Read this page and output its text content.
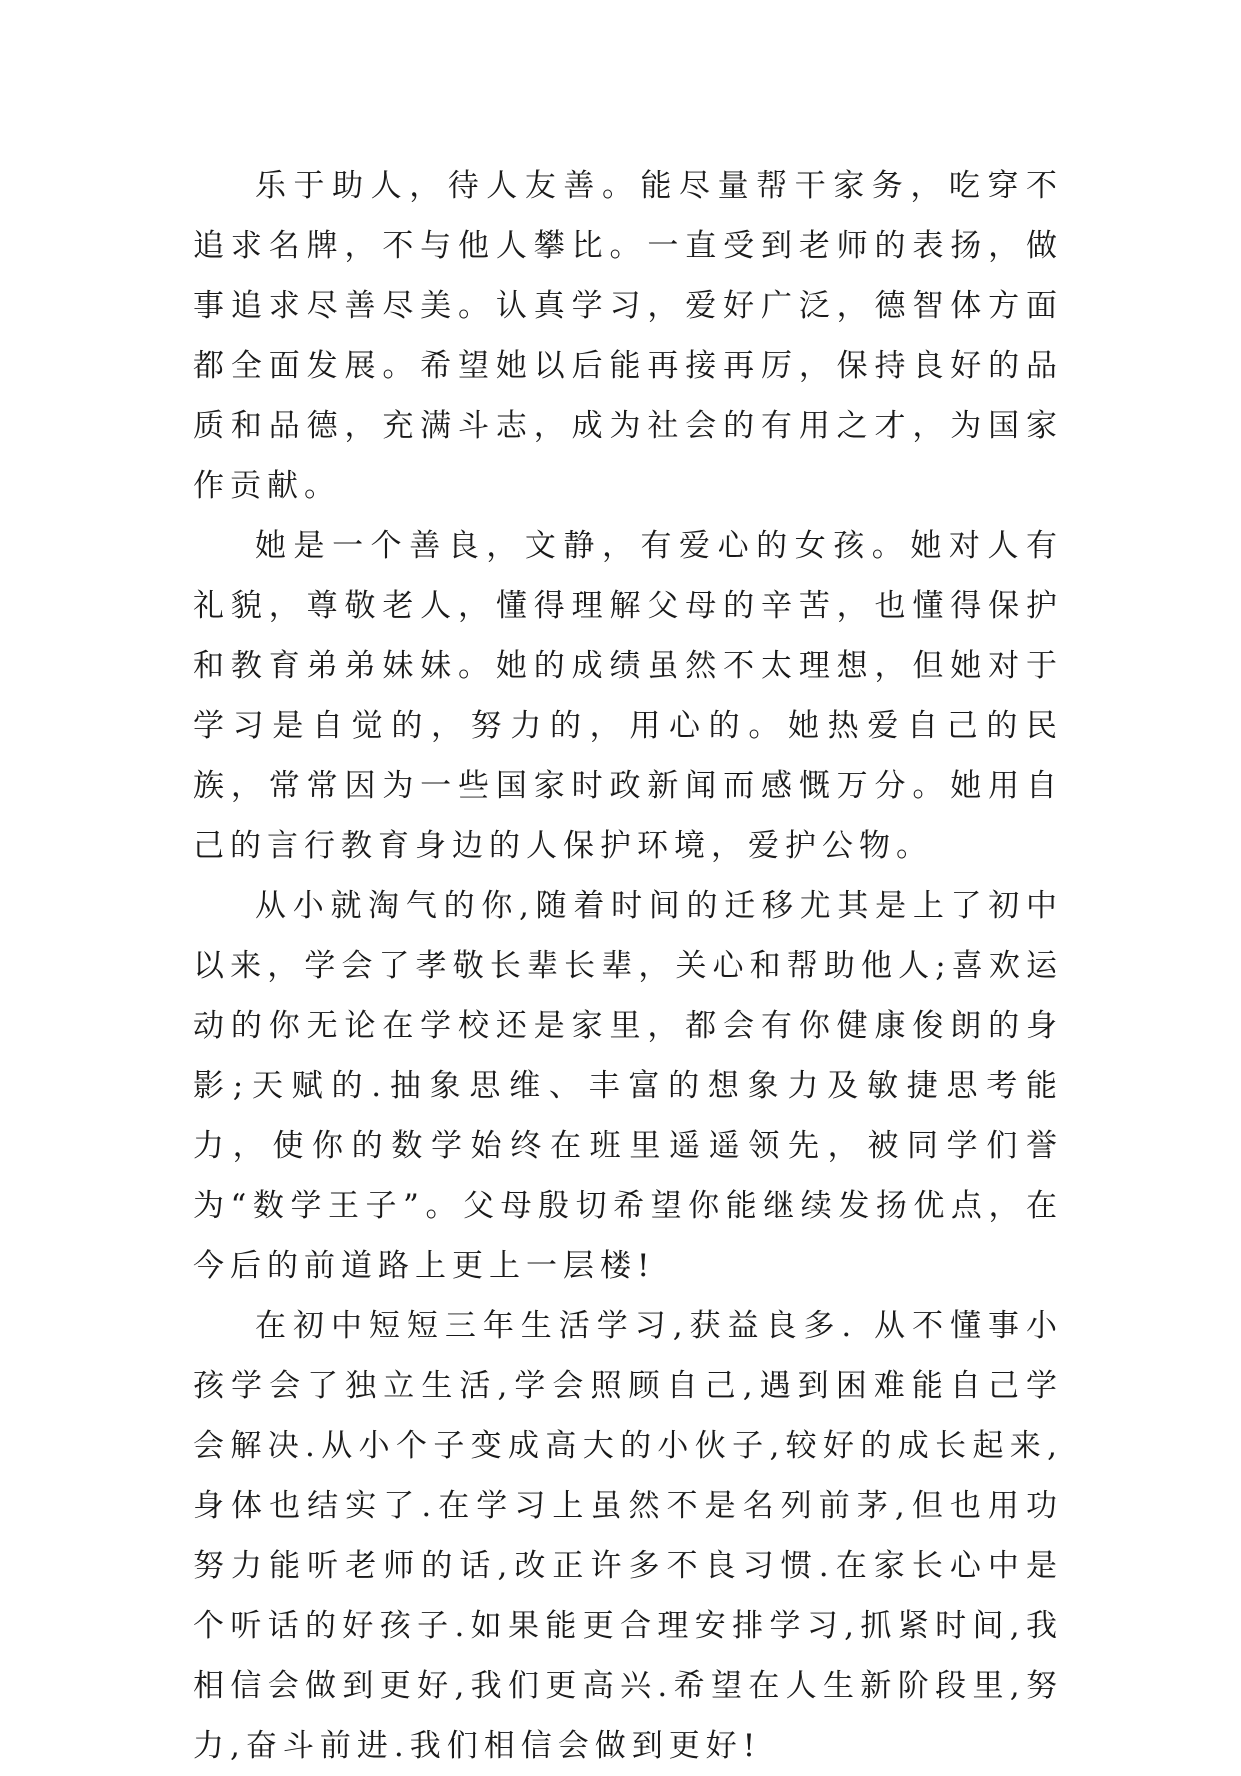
乐于助人，待人友善。能尽量帮干家务，吃穿不追求名牌，不与他人攀比。一直受到老师的表扬，做事追求尽善尽美。认真学习，爱好广泛，德智体方面都全面发展。希望她以后能再接再厉，保持良好的品质和品德，充满斗志，成为社会的有用之才，为国家作贡献。

她是一个善良，文静，有爱心的女孩。她对人有礼貌，尊敬老人，懂得理解父母的辛苦，也懂得保护和教育弟弟妹妹。她的成绩虽然不太理想，但她对于学习是自觉的，努力的，用心的。她热爱自己的民族，常常因为一些国家时政新闻而感慨万分。她用自己的言行教育身边的人保护环境，爱护公物。

从小就淘气的你,随着时间的迁移尤其是上了初中以来，学会了孝敬长辈长辈，关心和帮助他人;喜欢运动的你无论在学校还是家里，都会有你健康俊朗的身影;天赋的.抽象思维、丰富的想象力及敏捷思考能力，使你的数学始终在班里遥遥领先，被同学们誉为“数学王子”。父母殷切希望你能继续发扬优点，在今后的前道路上更上一层楼!

在初中短短三年生活学习,获益良多. 从不懂事小孩学会了独立生活,学会照顾自己,遇到困难能自己学会解决.从小个子变成高大的小伙子,较好的成长起来,身体也结实了.在学习上虽然不是名列前茅,但也用功努力能听老师的话,改正许多不良习惯.在家长心中是个听话的好孩子.如果能更合理安排学习,抓紧时间,我相信会做到更好,我们更高兴.希望在人生新阶段里,努力,奋斗前进.我们相信会做到更好!
